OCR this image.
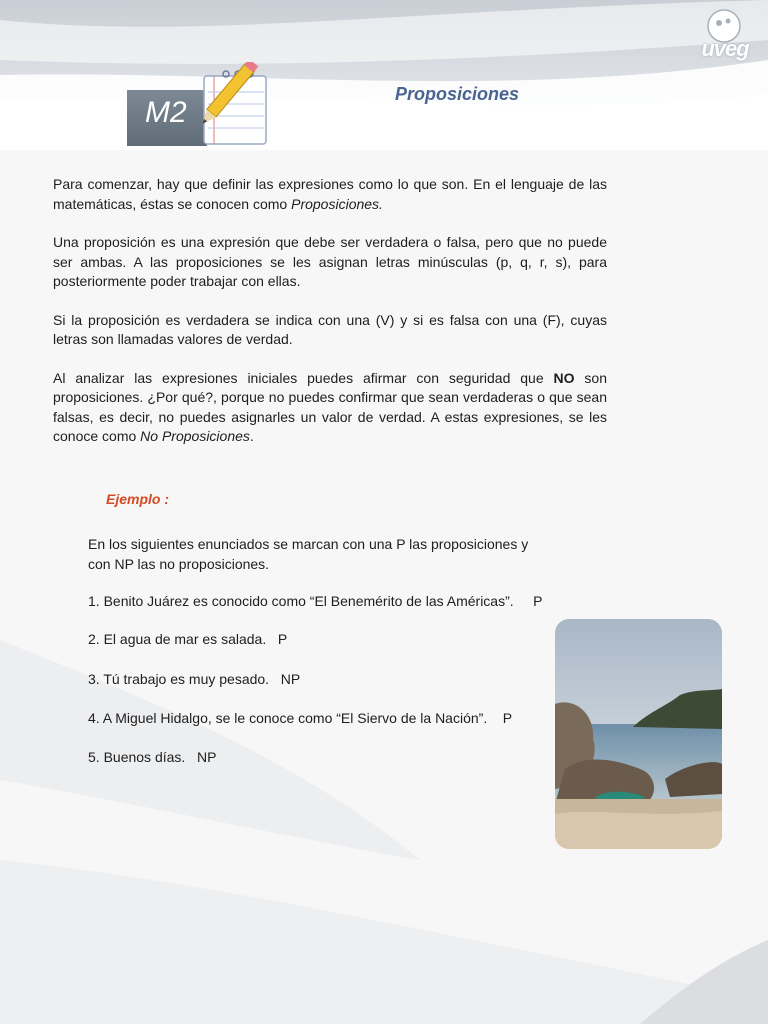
uveg
M2
Proposiciones

Para comenzar, hay que definir las expresiones como lo que son. En el lenguaje de las matemáticas, éstas se conocen como Proposiciones.

Una proposición es una expresión que debe ser verdadera o falsa, pero que no puede ser ambas. A las proposiciones se les asignan letras minúsculas (p, q, r, s), para posteriormente poder trabajar con ellas.

Si la proposición es verdadera se indica con una (V) y si es falsa con una (F), cuyas letras son llamadas valores de verdad.

Al analizar las expresiones iniciales puedes afirmar con seguridad que NO son proposiciones. ¿Por qué?, porque no puedes confirmar que sean verdaderas o que sean falsas, es decir, no puedes asignarles un valor de verdad. A estas expresiones, se les conoce como No Proposiciones.

Ejemplo :
En los siguientes enunciados se marcan con una P las proposiciones y con NP las no proposiciones.
1. Benito Juárez es conocido como “El Benemérito de las Américas”.     P
2. El agua de mar es salada.   P
3. Tú trabajo es muy pesado.   NP
4. A Miguel Hidalgo, se le conoce como “El Siervo de la Nación”.    P
5. Buenos días.   NP
